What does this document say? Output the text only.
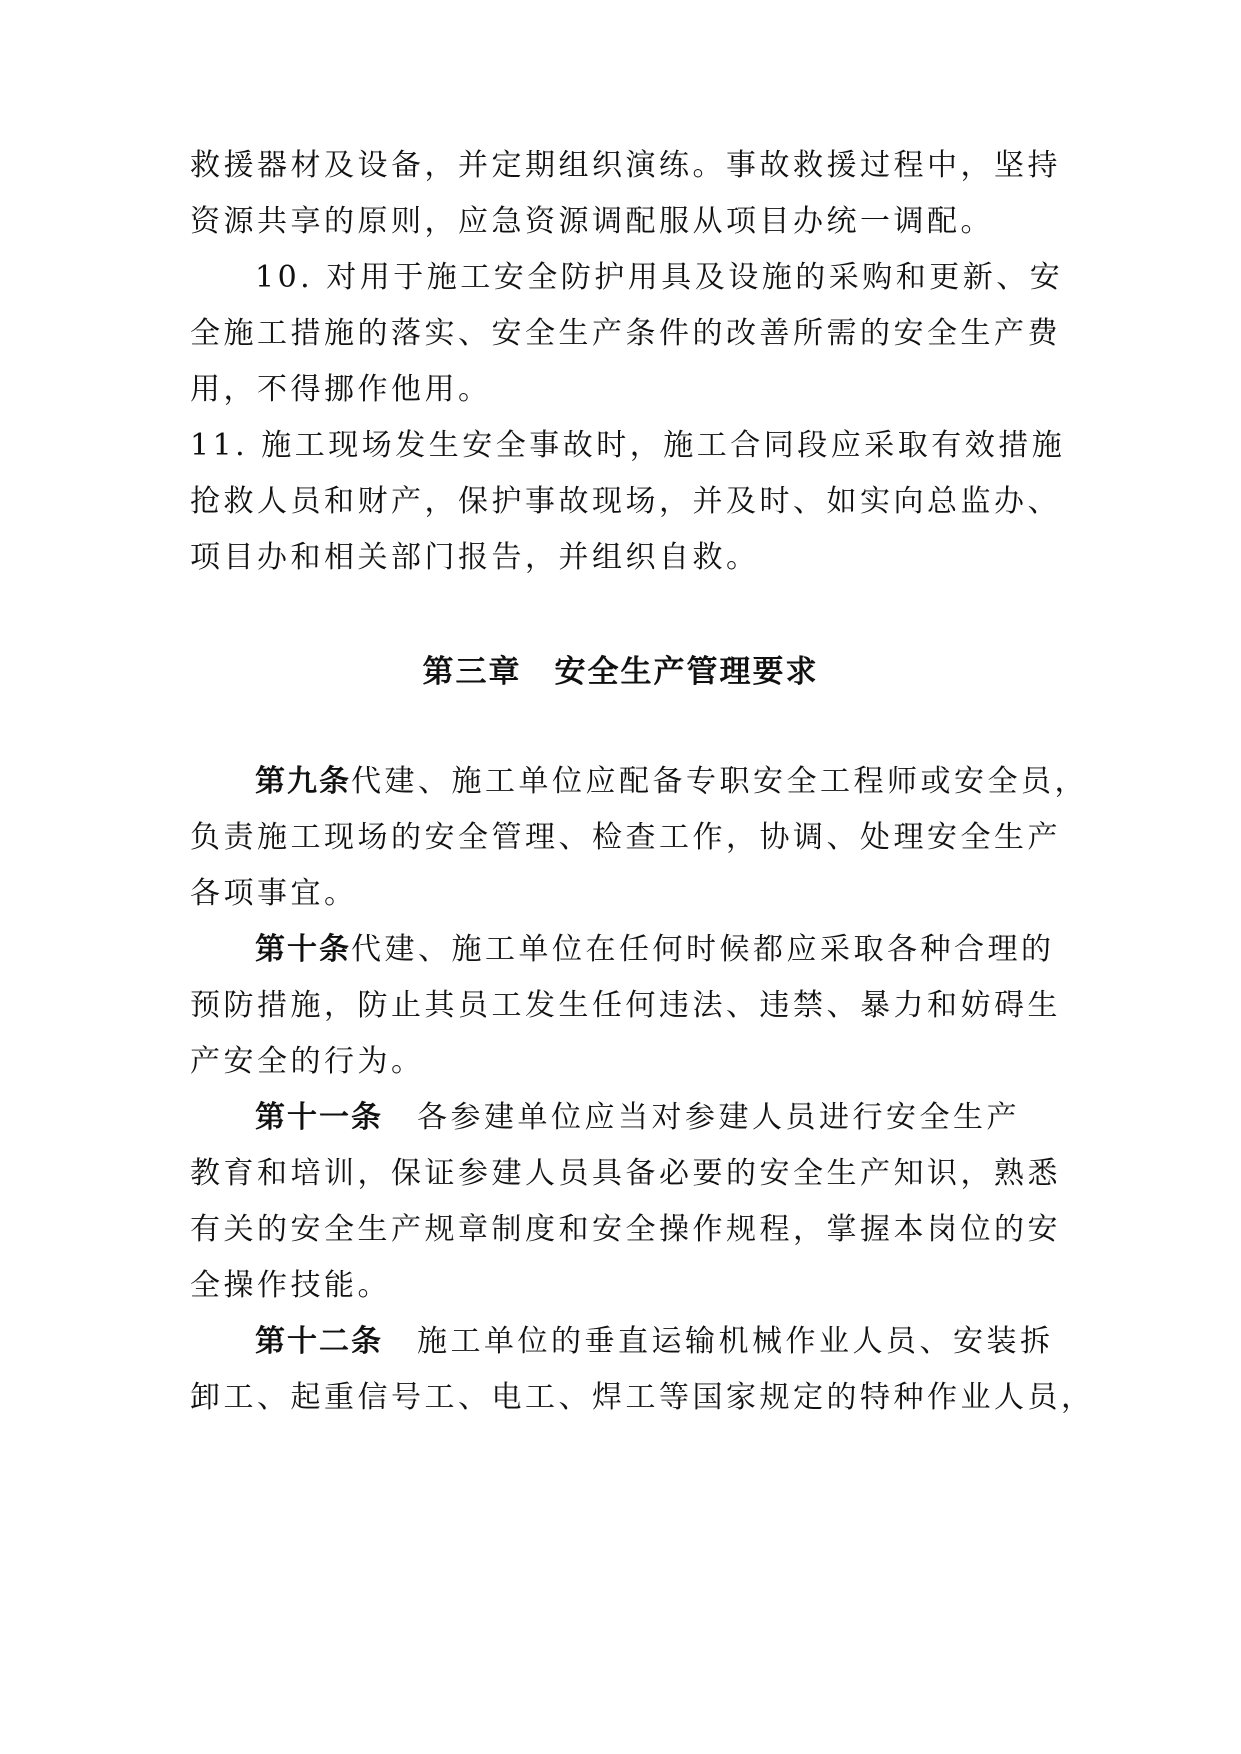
救援器材及设备，并定期组织演练。事故救援过程中，坚持

资源共享的原则，应急资源调配服从项目办统一调配。

10. 对用于施工安全防护用具及设施的采购和更新、安

全施工措施的落实、安全生产条件的改善所需的安全生产费

用，不得挪作他用。

11. 施工现场发生安全事故时，施工合同段应采取有效措施

抢救人员和财产，保护事故现场，并及时、如实向总监办、

项目办和相关部门报告，并组织自救。

第三章　安全生产管理要求

第九条代建、施工单位应配备专职安全工程师或安全员，

负责施工现场的安全管理、检查工作，协调、处理安全生产

各项事宜。

第十条代建、施工单位在任何时候都应采取各种合理的

预防措施，防止其员工发生任何违法、违禁、暴力和妨碍生

产安全的行为。

第十一条 各参建单位应当对参建人员进行安全生产

教育和培训，保证参建人员具备必要的安全生产知识，熟悉

有关的安全生产规章制度和安全操作规程，掌握本岗位的安

全操作技能。

第十二条 施工单位的垂直运输机械作业人员、安装拆

卸工、起重信号工、电工、焊工等国家规定的特种作业人员，
